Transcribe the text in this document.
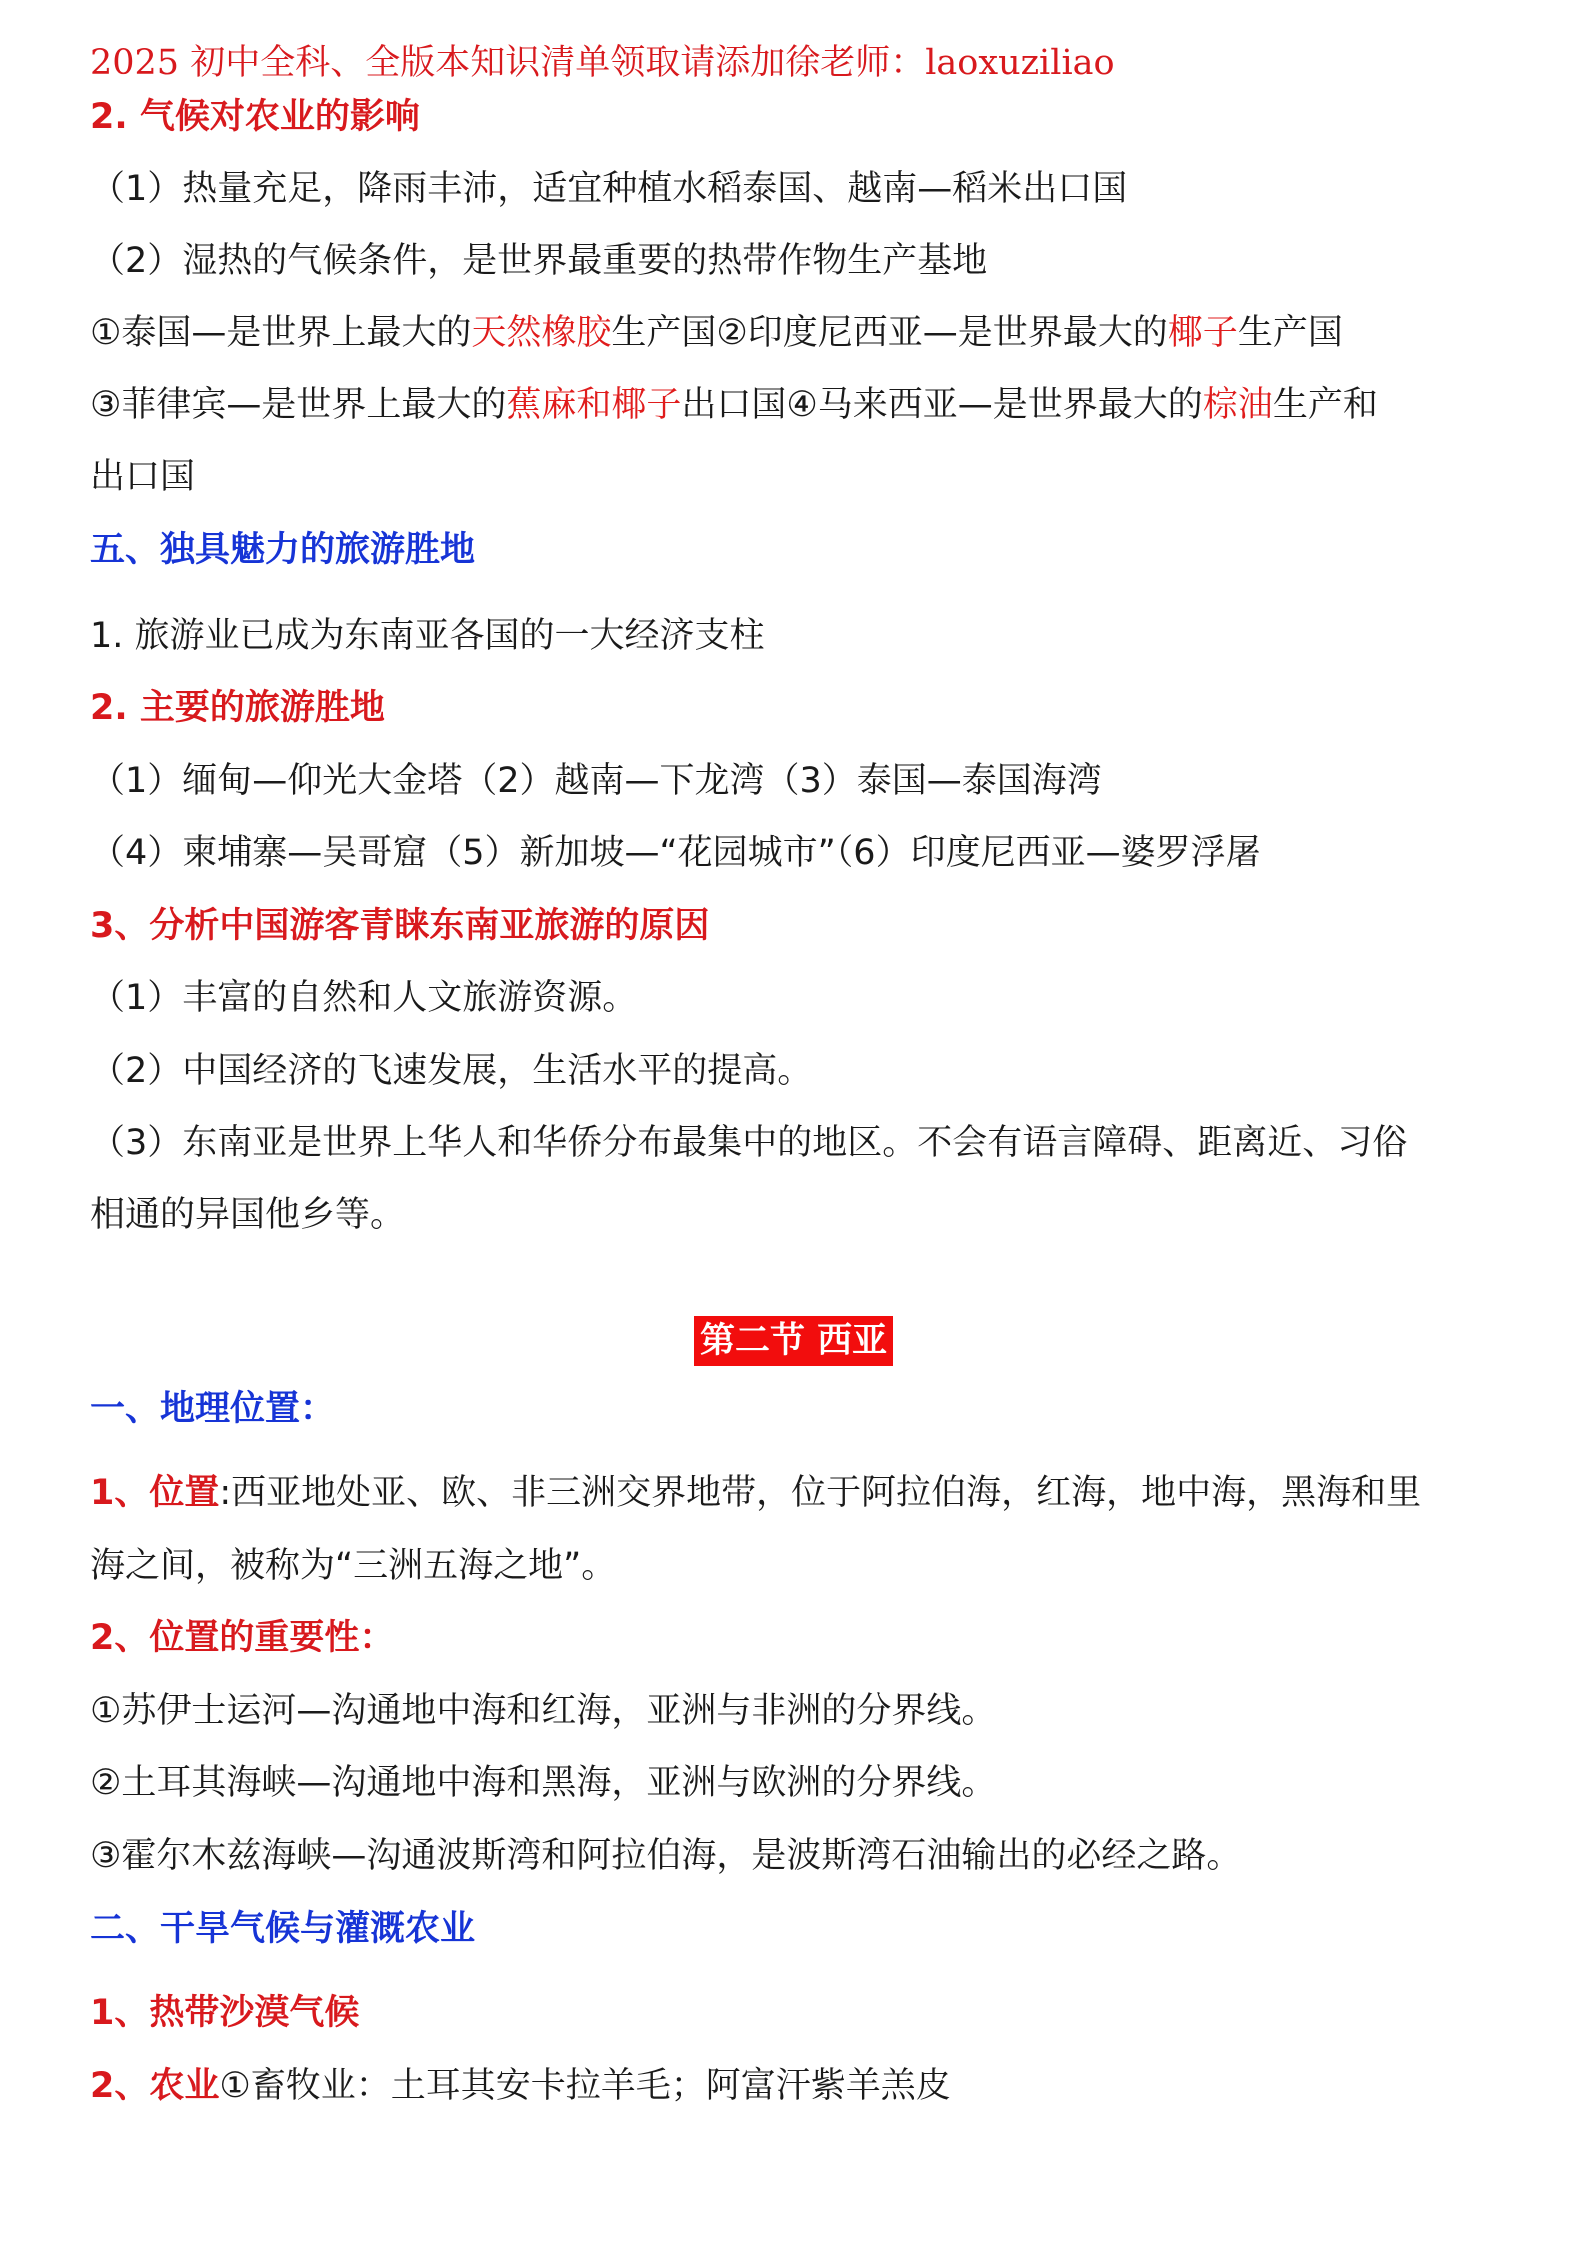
2025 初中全科、全版本知识清单领取请添加徐老师：laoxuziliao
2. 气候对农业的影响
（1）热量充足，降雨丰沛，适宜种植水稻泰国、越南—稻米出口国
（2）湿热的气候条件，是世界最重要的热带作物生产基地
①泰国—是世界上最大的天然橡胶生产国②印度尼西亚—是世界最大的椰子生产国
③菲律宾—是世界上最大的蕉麻和椰子出口国④马来西亚—是世界最大的棕油生产和
出口国
五、独具魅力的旅游胜地
1. 旅游业已成为东南亚各国的一大经济支柱
2. 主要的旅游胜地
（1）缅甸—仰光大金塔（2）越南—下龙湾（3）泰国—泰国海湾
（4）柬埔寨—吴哥窟（5）新加坡—“花园城市”（6）印度尼西亚—婆罗浮屠
3、分析中国游客青睐东南亚旅游的原因
（1）丰富的自然和人文旅游资源。
（2）中国经济的飞速发展，生活水平的提高。
（3）东南亚是世界上华人和华侨分布最集中的地区。不会有语言障碍、距离近、习俗
相通的异国他乡等。
第二节 西亚
一、地理位置：
1、位置:西亚地处亚、欧、非三洲交界地带，位于阿拉伯海，红海，地中海，黑海和里
海之间，被称为“三洲五海之地”。
2、位置的重要性：
①苏伊士运河—沟通地中海和红海，亚洲与非洲的分界线。
②土耳其海峡—沟通地中海和黑海，亚洲与欧洲的分界线。
③霍尔木兹海峡—沟通波斯湾和阿拉伯海，是波斯湾石油输出的必经之路。
二、干旱气候与灌溉农业
1、热带沙漠气候
2、农业①畜牧业：土耳其安卡拉羊毛；阿富汗紫羊羔皮
